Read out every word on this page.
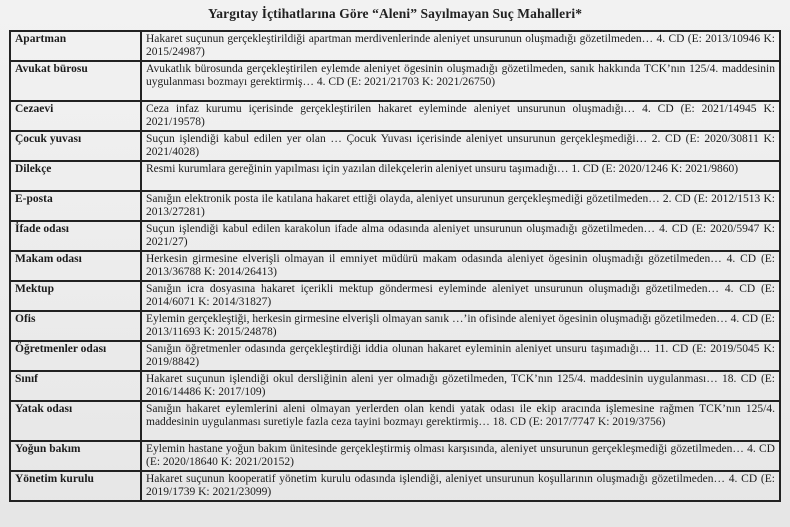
Yargıtay İçtihatlarına Göre “Aleni” Sayılmayan Suç Mahalleri*
Apartman	Hakaret suçunun gerçekleştirildiği apartman merdivenlerinde aleniyet unsurunun oluşmadığı gözetilmeden… 4. CD (E: 2013/10946 K: 2015/24987)
Avukat bürosu	Avukatlık bürosunda gerçekleştirilen eylemde aleniyet ögesinin oluşmadığı gözetilmeden, sanık hakkında TCK’nın 125/4. maddesinin uygulanması bozmayı gerektirmiş… 4. CD (E: 2021/21703 K: 2021/26750)
Cezaevi	Ceza infaz kurumu içerisinde gerçekleştirilen hakaret eyleminde aleniyet unsurunun oluşmadığı… 4. CD (E: 2021/14945 K: 2021/19578)
Çocuk yuvası	Suçun işlendiği kabul edilen yer olan … Çocuk Yuvası içerisinde aleniyet unsurunun gerçekleşmediği… 2. CD (E: 2020/30811 K: 2021/4028)
Dilekçe	Resmi kurumlara gereğinin yapılması için yazılan dilekçelerin aleniyet unsuru taşımadığı… 1. CD (E: 2020/1246 K: 2021/9860)
E-posta	Sanığın elektronik posta ile katılana hakaret ettiği olayda, aleniyet unsurunun gerçekleşmediği gözetilmeden… 2. CD (E: 2012/1513 K: 2013/27281)
İfade odası	Suçun işlendiği kabul edilen karakolun ifade alma odasında aleniyet unsurunun oluşmadığı gözetilmeden… 4. CD (E: 2020/5947 K: 2021/27)
Makam odası	Herkesin girmesine elverişli olmayan il emniyet müdürü makam odasında aleniyet ögesinin oluşmadığı gözetilmeden… 4. CD (E: 2013/36788 K: 2014/26413)
Mektup	Sanığın icra dosyasına hakaret içerikli mektup göndermesi eyleminde aleniyet unsurunun oluşmadığı gözetilmeden… 4. CD (E: 2014/6071 K: 2014/31827)
Ofis	Eylemin gerçekleştiği, herkesin girmesine elverişli olmayan sanık …’in ofisinde aleniyet ögesinin oluşmadığı gözetilmeden… 4. CD (E: 2013/11693 K: 2015/24878)
Öğretmenler odası	Sanığın öğretmenler odasında gerçekleştirdiği iddia olunan hakaret eyleminin aleniyet unsuru taşımadığı… 11. CD (E: 2019/5045 K: 2019/8842)
Sınıf	Hakaret suçunun işlendiği okul dersliğinin aleni yer olmadığı gözetilmeden, TCK’nın 125/4. maddesinin uygulanması… 18. CD (E: 2016/14486 K: 2017/109)
Yatak odası	Sanığın hakaret eylemlerini aleni olmayan yerlerden olan kendi yatak odası ile ekip aracında işlemesine rağmen TCK’nın 125/4. maddesinin uygulanması suretiyle fazla ceza tayini bozmayı gerektirmiş… 18. CD (E: 2017/7747 K: 2019/3756)
Yoğun bakım	Eylemin hastane yoğun bakım ünitesinde gerçekleştirmiş olması karşısında, aleniyet unsurunun gerçekleşmediği gözetilmeden… 4. CD (E: 2020/18640 K: 2021/20152)
Yönetim kurulu	Hakaret suçunun kooperatif yönetim kurulu odasında işlendiği, aleniyet unsurunun koşullarının oluşmadığı gözetilmeden… 4. CD (E: 2019/1739 K: 2021/23099)
